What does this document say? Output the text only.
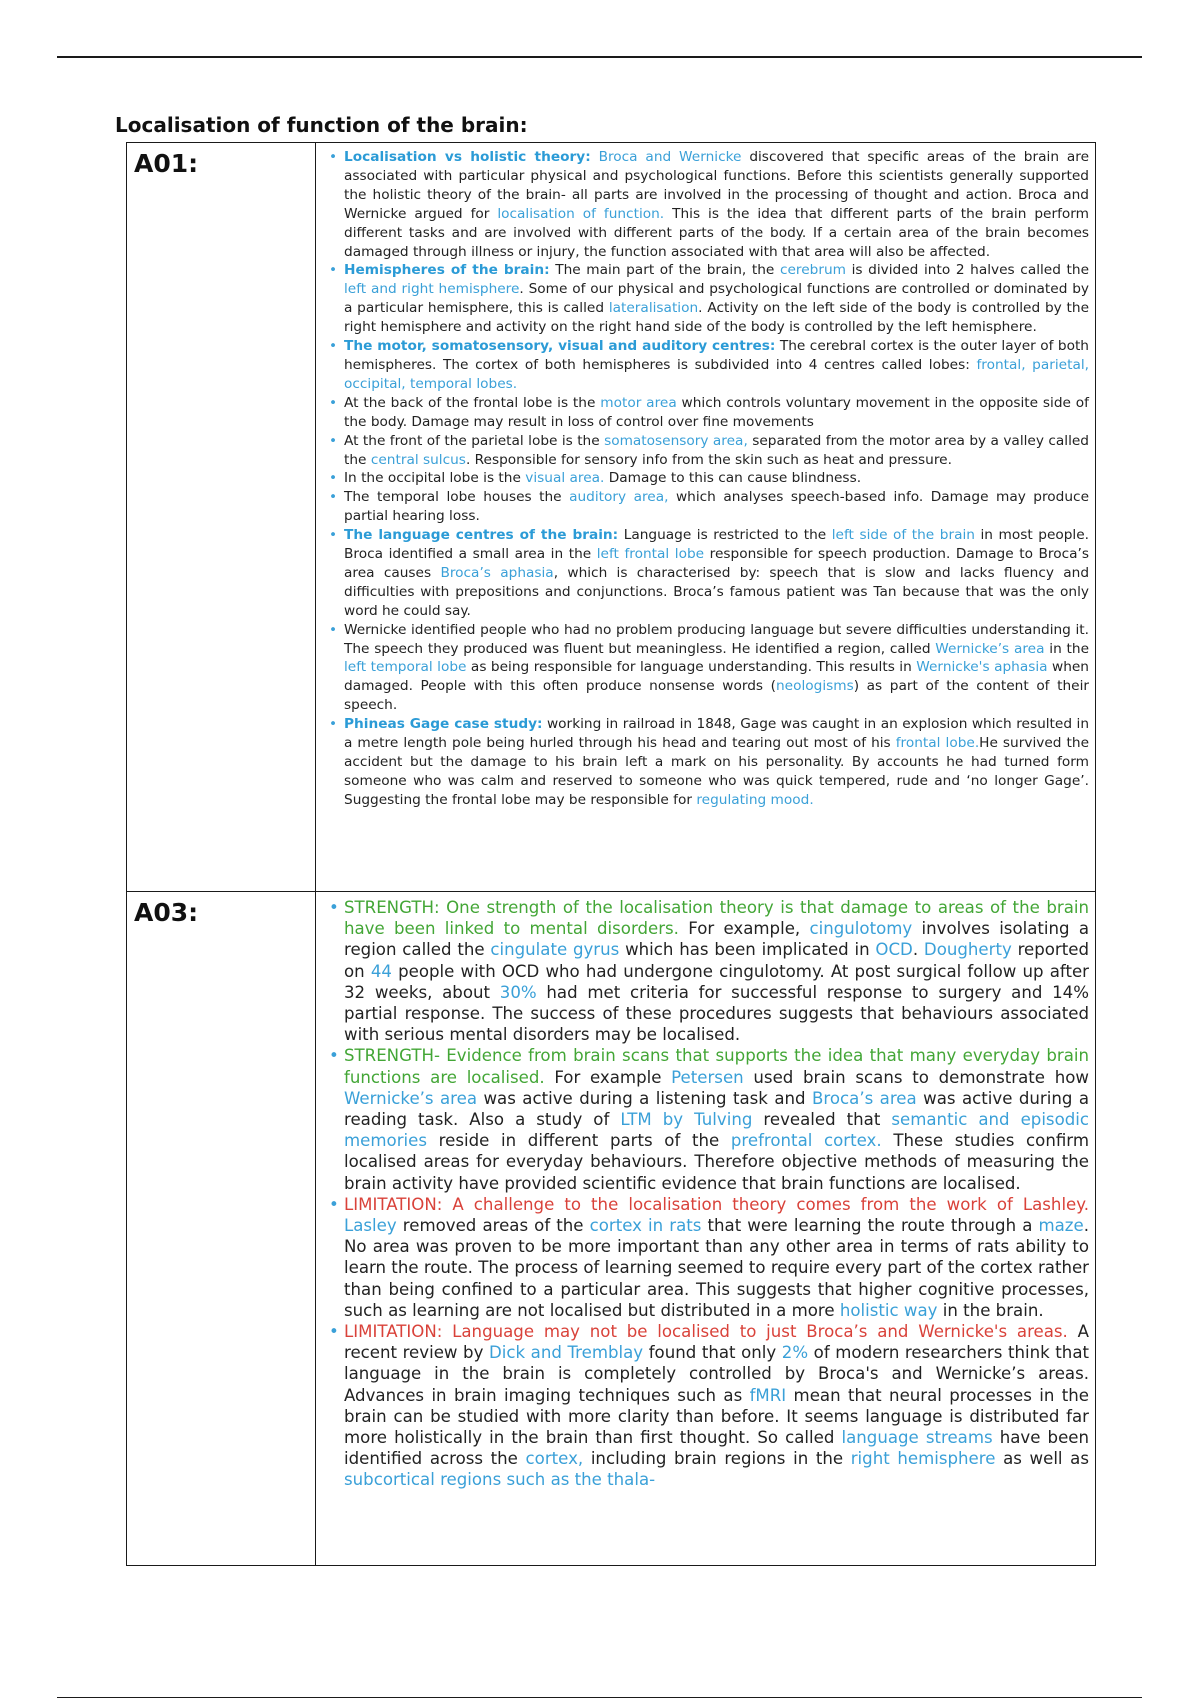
Localisation of function of the brain:
A01:	• Localisation vs holistic theory: Broca and Wernicke discovered that specific areas of the brain are associated with particular physical and psychological functions. Before this scientists generally supported the holistic theory of the brain- all parts are involved in the processing of thought and action. Broca and Wernicke argued for localisation of function. This is the idea that different parts of the brain perform different tasks and are involved with different parts of the body. If a certain area of the brain becomes damaged through illness or injury, the function associated with that area will also be affected.
• Hemispheres of the brain: The main part of the brain, the cerebrum is divided into 2 halves called the left and right hemisphere. Some of our physical and psychological functions are controlled or dominated by a particular hemisphere, this is called lateralisation. Activity on the left side of the body is controlled by the right hemisphere and activity on the right hand side of the body is controlled by the left hemisphere.
• The motor, somatosensory, visual and auditory centres: The cerebral cortex is the outer layer of both hemispheres. The cortex of both hemispheres is subdivided into 4 centres called lobes: frontal, parietal, occipital, temporal lobes.
• At the back of the frontal lobe is the motor area which controls voluntary movement in the opposite side of the body. Damage may result in loss of control over fine movements
• At the front of the parietal lobe is the somatosensory area, separated from the motor area by a valley called the central sulcus. Responsible for sensory info from the skin such as heat and pressure.
• In the occipital lobe is the visual area. Damage to this can cause blindness.
• The temporal lobe houses the auditory area, which analyses speech-based info. Damage may produce partial hearing loss.
• The language centres of the brain: Language is restricted to the left side of the brain in most people. Broca identified a small area in the left frontal lobe responsible for speech production. Damage to Broca’s area causes Broca’s aphasia, which is characterised by: speech that is slow and lacks fluency and difficulties with prepositions and conjunctions. Broca’s famous patient was Tan because that was the only word he could say.
• Wernicke identified people who had no problem producing language but severe difficulties understanding it. The speech they produced was fluent but meaningless. He identified a region, called Wernicke’s area in the left temporal lobe as being responsible for language understanding. This results in Wernicke's aphasia when damaged. People with this often produce nonsense words (neologisms) as part of the content of their speech.
• Phineas Gage case study: working in railroad in 1848, Gage was caught in an explosion which resulted in a metre length pole being hurled through his head and tearing out most of his frontal lobe.He survived the accident but the damage to his brain left a mark on his personality. By accounts he had turned form someone who was calm and reserved to someone who was quick tempered, rude and ‘no longer Gage’. Suggesting the frontal lobe may be responsible for regulating mood.
A03:	• STRENGTH: One strength of the localisation theory is that damage to areas of the brain have been linked to mental disorders. For example, cingulotomy involves isolating a region called the cingulate gyrus which has been implicated in OCD. Dougherty reported on 44 people with OCD who had undergone cingulotomy. At post surgical follow up after 32 weeks, about 30% had met criteria for successful response to surgery and 14% partial response. The success of these procedures suggests that behaviours associated with serious mental disorders may be localised.
• STRENGTH- Evidence from brain scans that supports the idea that many everyday brain functions are localised. For example Petersen used brain scans to demonstrate how Wernicke’s area was active during a listening task and Broca’s area was active during a reading task. Also a study of LTM by Tulving revealed that semantic and episodic memories reside in different parts of the prefrontal cortex. These studies confirm localised areas for everyday behaviours. Therefore objective methods of measuring the brain activity have provided scientific evidence that brain functions are localised.
• LIMITATION: A challenge to the localisation theory comes from the work of Lashley. Lasley removed areas of the cortex in rats that were learning the route through a maze. No area was proven to be more important than any other area in terms of rats ability to learn the route. The process of learning seemed to require every part of the cortex rather than being confined to a particular area. This suggests that higher cognitive processes, such as learning are not localised but distributed in a more holistic way in the brain.
• LIMITATION: Language may not be localised to just Broca’s and Wernicke's areas. A recent review by Dick and Tremblay found that only 2% of modern researchers think that language in the brain is completely controlled by Broca's and Wernicke’s areas. Advances in brain imaging techniques such as fMRI mean that neural processes in the brain can be studied with more clarity than before. It seems language is distributed far more holistically in the brain than first thought. So called language streams have been identified across the cortex, including brain regions in the right hemisphere as well as subcortical regions such as the thala-
